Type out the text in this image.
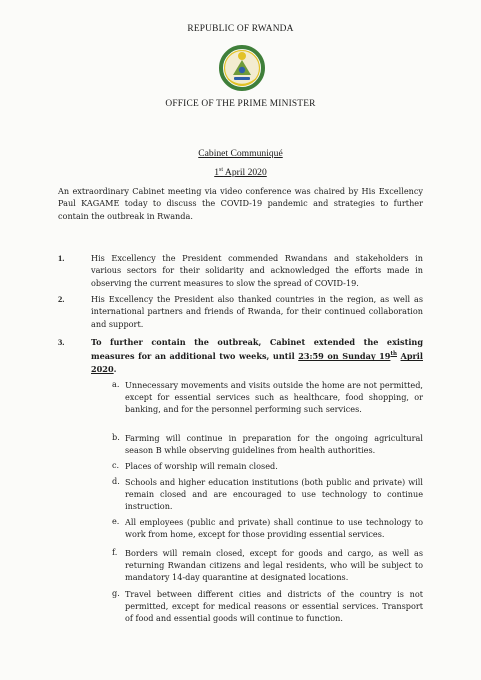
REPUBLIC OF RWANDA
OFFICE OF THE PRIME MINISTER
Cabinet Communiqué
1st April 2020
An extraordinary Cabinet meeting via video conference was chaired by His Excellency Paul KAGAME today to discuss the COVID-19 pandemic and strategies to further contain the outbreak in Rwanda.
1.	His Excellency the President commended Rwandans and stakeholders in various sectors for their solidarity and acknowledged the efforts made in observing the current measures to slow the spread of COVID-19.
2.	His Excellency the President also thanked countries in the region, as well as international partners and friends of Rwanda, for their continued collaboration and support.
3.	To further contain the outbreak, Cabinet extended the existing measures for an additional two weeks, until 23:59 on Sunday 19th April 2020.
a. Unnecessary movements and visits outside the home are not permitted, except for essential services such as healthcare, food shopping, or banking, and for the personnel performing such services.
b. Farming will continue in preparation for the ongoing agricultural season B while observing guidelines from health authorities.
c. Places of worship will remain closed.
d. Schools and higher education institutions (both public and private) will remain closed and are encouraged to use technology to continue instruction.
e. All employees (public and private) shall continue to use technology to work from home, except for those providing essential services.
f. Borders will remain closed, except for goods and cargo, as well as returning Rwandan citizens and legal residents, who will be subject to mandatory 14-day quarantine at designated locations.
g. Travel between different cities and districts of the country is not permitted, except for medical reasons or essential services. Transport of food and essential goods will continue to function.
